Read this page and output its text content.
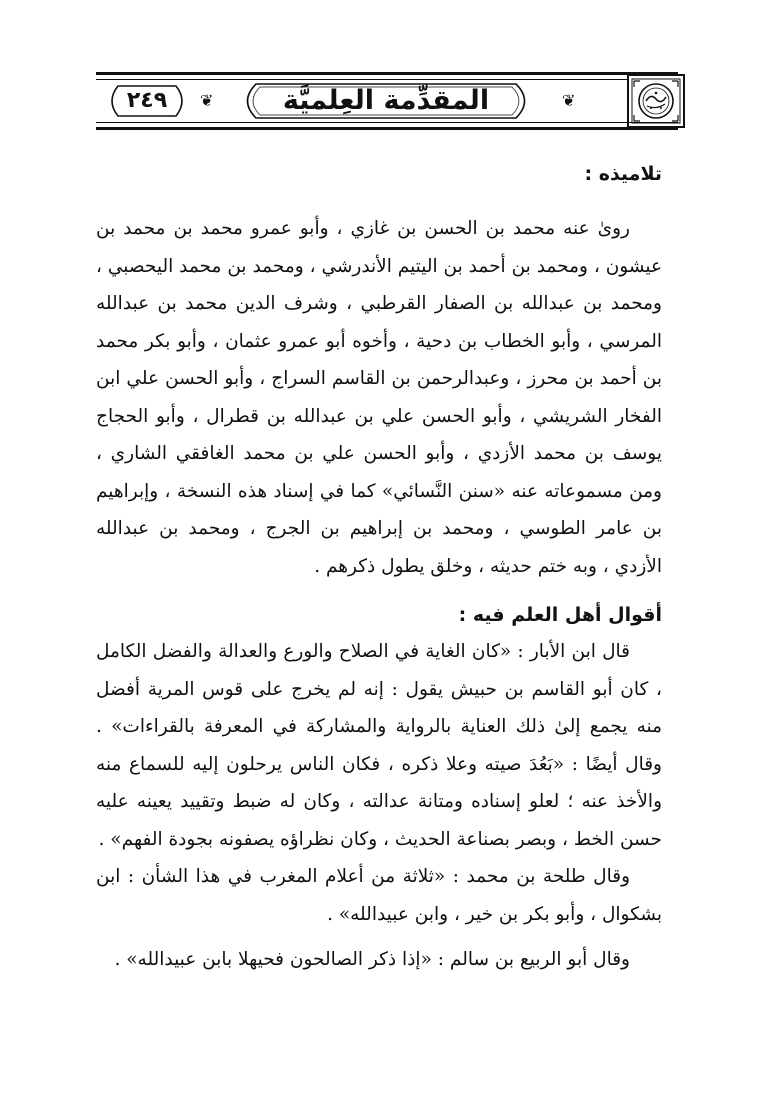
❦	❦
المقدِّمة العِلميَّة
٢٤٩
تلاميذه :

روىٰ عنه محمد بن الحسن بن غازي ، وأبو عمرو محمد بن محمد بن عيشون ، ومحمد بن أحمد بن اليتيم الأندرشي ، ومحمد بن محمد اليحصبي ، ومحمد بن عبدالله بن الصفار القرطبي ، وشرف الدين محمد بن عبدالله المرسي ، وأبو الخطاب بن دحية ، وأخوه أبو عمرو عثمان ، وأبو بكر محمد بن أحمد بن محرز ، وعبدالرحمن بن القاسم السراج ، وأبو الحسن علي ابن الفخار الشريشي ، وأبو الحسن علي بن عبدالله بن قطرال ، وأبو الحجاج يوسف بن محمد الأزدي ، وأبو الحسن علي بن محمد الغافقي الشاري ، ومن مسموعاته عنه «سنن النَّسائي» كما في إسناد هذه النسخة ، وإبراهيم بن عامر الطوسي ، ومحمد بن إبراهيم بن الجرج ، ومحمد بن عبدالله الأزدي ، وبه ختم حديثه ، وخلق يطول ذكرهم .

أقوال أهل العلم فيه :

قال ابن الأبار : «كان الغاية في الصلاح والورع والعدالة والفضل الكامل ، كان أبو القاسم بن حبيش يقول : إنه لم يخرج على قوس المرية أفضل منه يجمع إلىٰ ذلك العناية بالرواية والمشاركة في المعرفة بالقراءات» . وقال أيضًا : «بَعُدَ صيته وعلا ذكره ، فكان الناس يرحلون إليه للسماع منه والأخذ عنه ؛ لعلو إسناده ومتانة عدالته ، وكان له ضبط وتقييد يعينه عليه حسن الخط ، وبصر بصناعة الحديث ، وكان نظراؤه يصفونه بجودة الفهم» .

وقال طلحة بن محمد : «ثلاثة من أعلام المغرب في هذا الشأن : ابن بشكوال ، وأبو بكر بن خير ، وابن عبيدالله» .

وقال أبو الربيع بن سالم : «إذا ذكر الصالحون فحيهلا بابن عبيدالله» .
